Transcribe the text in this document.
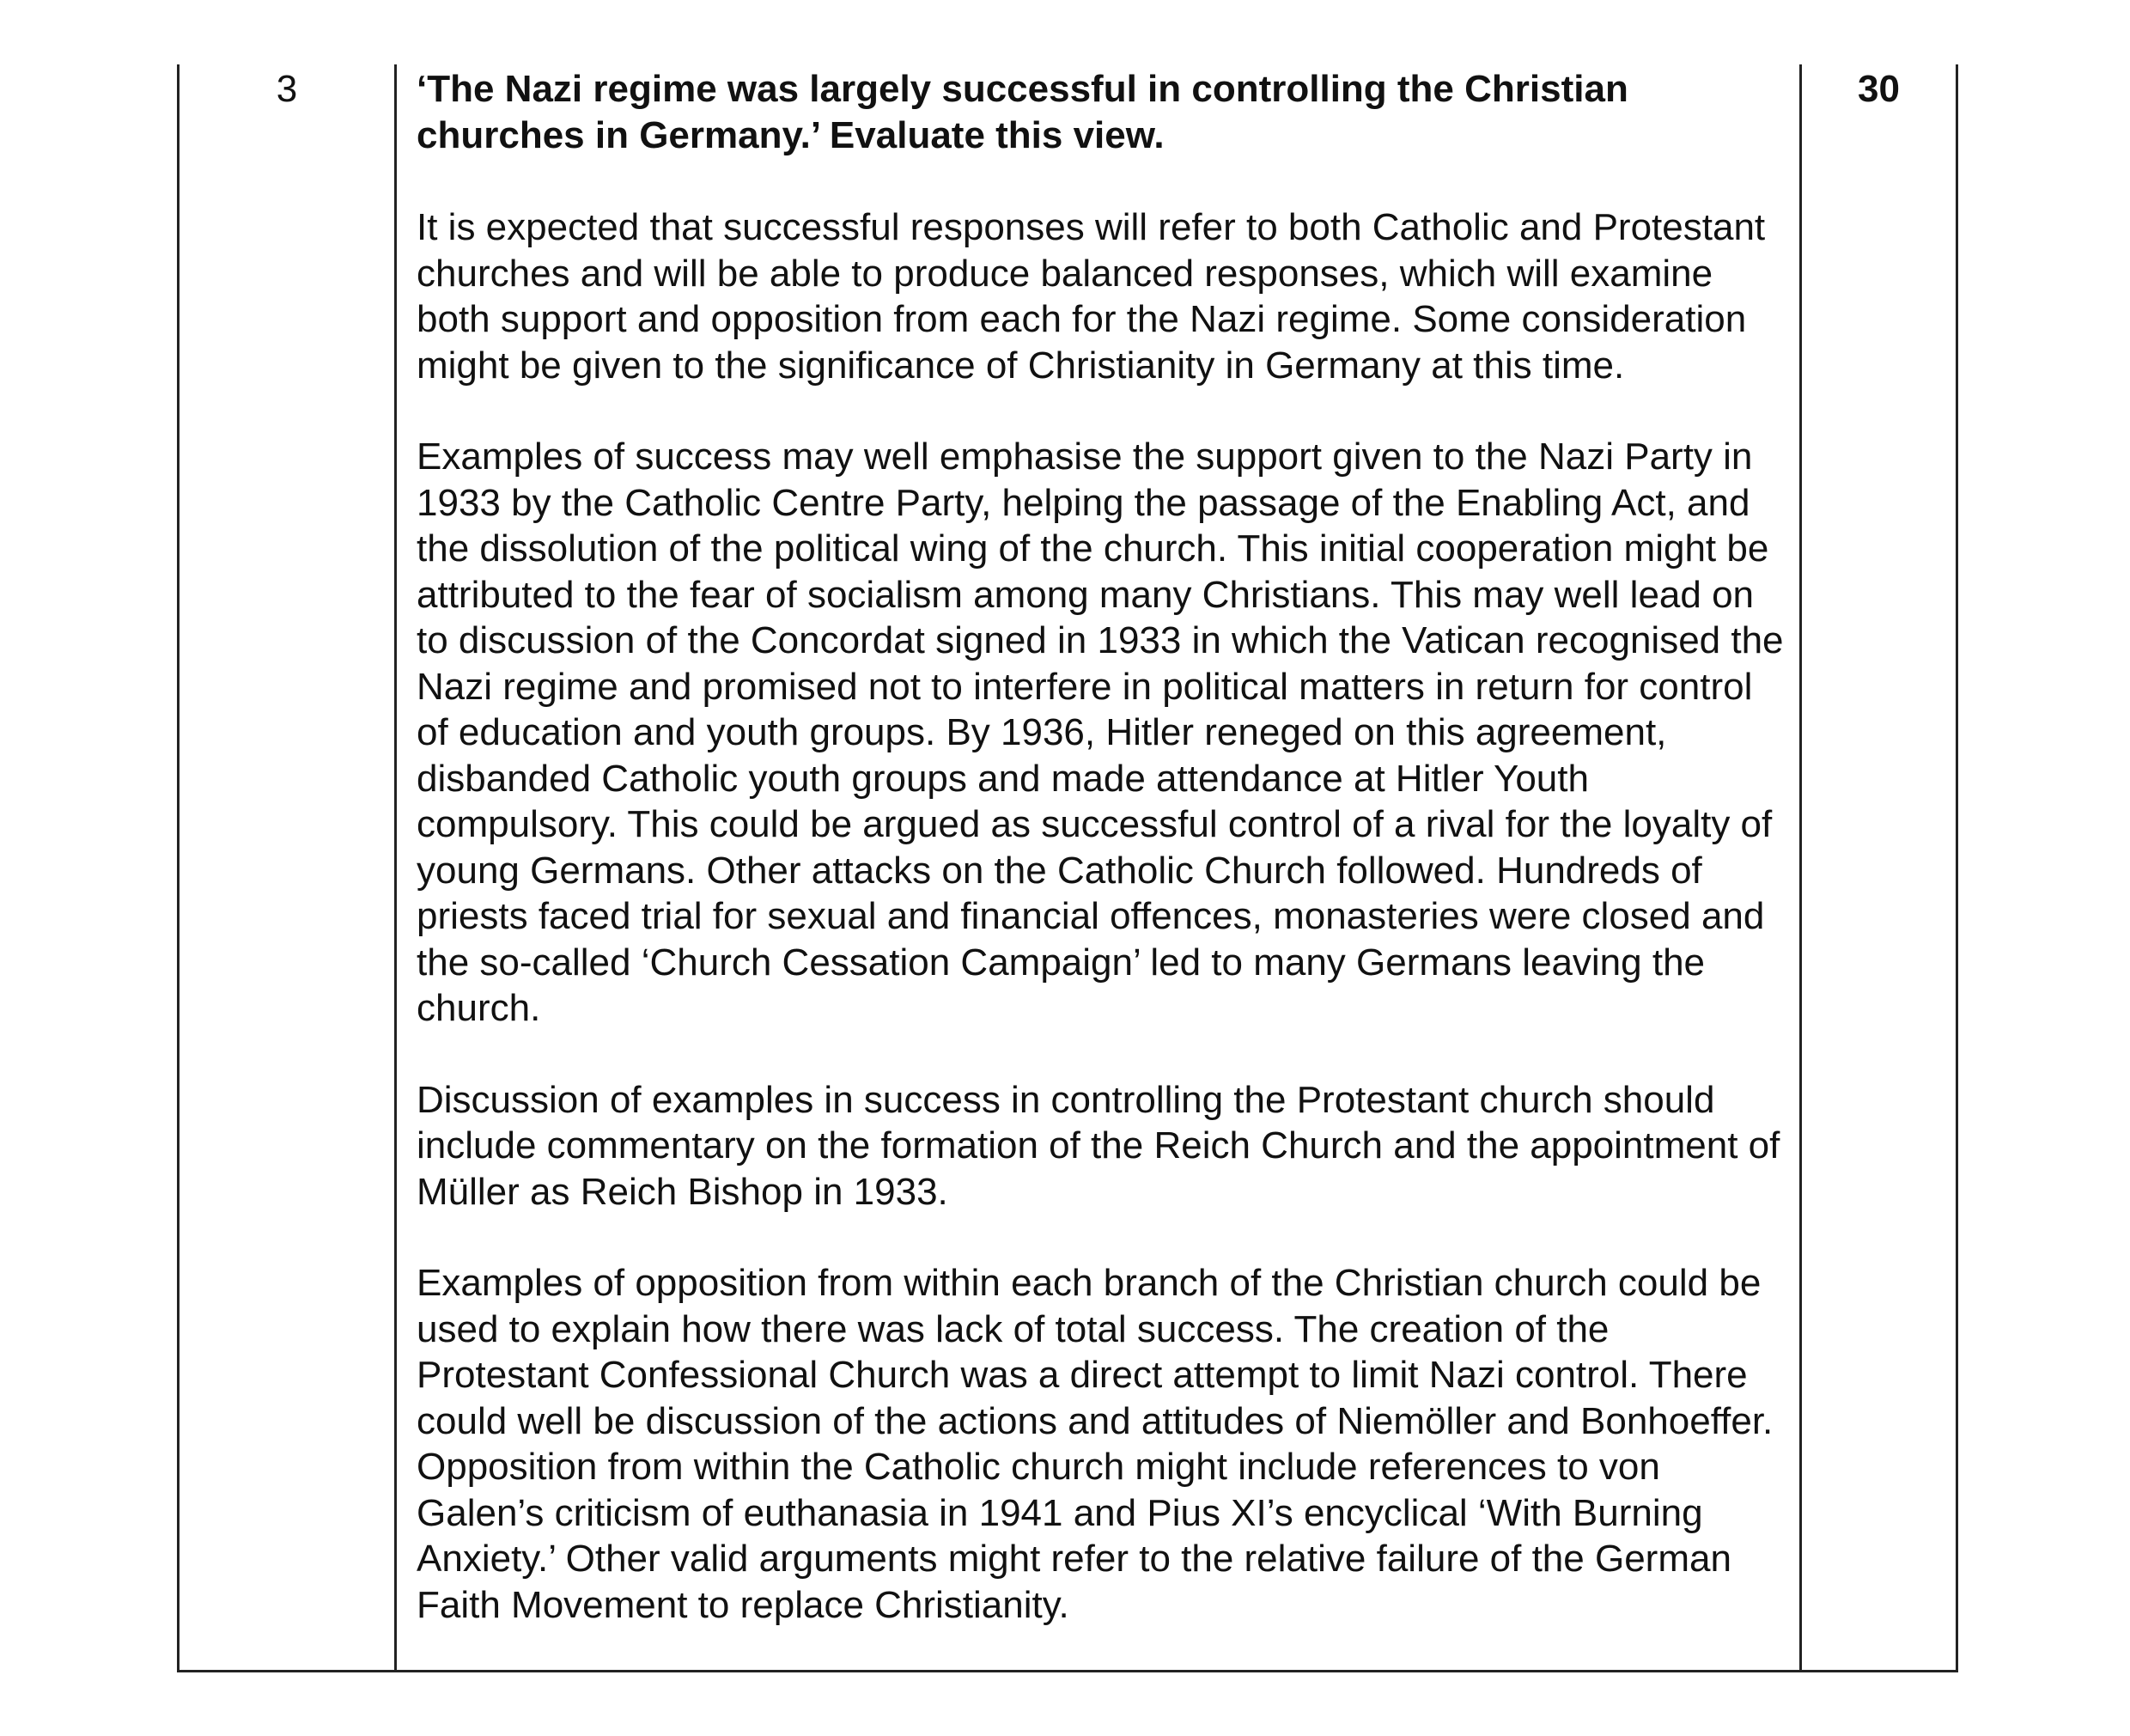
3	‘The Nazi regime was largely successful in controlling the Christian churches in Germany.’ Evaluate this view.

It is expected that successful responses will refer to both Catholic and Protestant churches and will be able to produce balanced responses, which will examine both support and opposition from each for the Nazi regime. Some consideration might be given to the significance of Christianity in Germany at this time.

Examples of success may well emphasise the support given to the Nazi Party in 1933 by the Catholic Centre Party, helping the passage of the Enabling Act, and the dissolution of the political wing of the church. This initial cooperation might be attributed to the fear of socialism among many Christians. This may well lead on to discussion of the Concordat signed in 1933 in which the Vatican recognised the Nazi regime and promised not to interfere in political matters in return for control of education and youth groups. By 1936, Hitler reneged on this agreement, disbanded Catholic youth groups and made attendance at Hitler Youth compulsory. This could be argued as successful control of a rival for the loyalty of young Germans. Other attacks on the Catholic Church followed. Hundreds of priests faced trial for sexual and financial offences, monasteries were closed and the so-called ‘Church Cessation Campaign’ led to many Germans leaving the church.

Discussion of examples in success in controlling the Protestant church should include commentary on the formation of the Reich Church and the appointment of Müller as Reich Bishop in 1933.

Examples of opposition from within each branch of the Christian church could be used to explain how there was lack of total success. The creation of the Protestant Confessional Church was a direct attempt to limit Nazi control. There could well be discussion of the actions and attitudes of Niemöller and Bonhoeffer. Opposition from within the Catholic church might include references to von Galen’s criticism of euthanasia in 1941 and Pius XI’s encyclical ‘With Burning Anxiety.’ Other valid arguments might refer to the relative failure of the German Faith Movement to replace Christianity.

30
